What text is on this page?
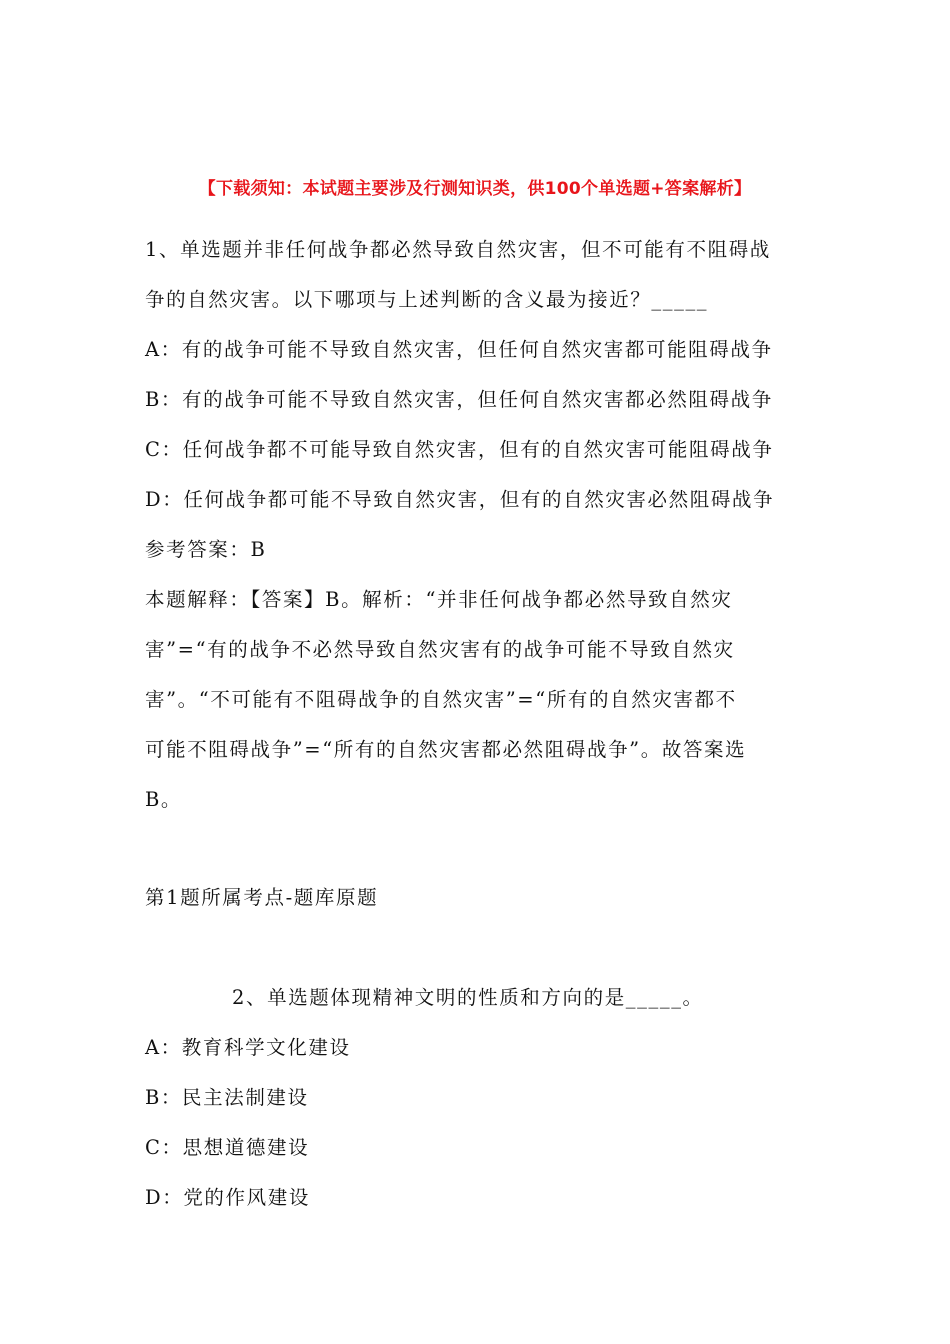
【下载须知：本试题主要涉及行测知识类，供100个单选题+答案解析】
1、单选题并非任何战争都必然导致自然灾害，但不可能有不阻碍战
争的自然灾害。以下哪项与上述判断的含义最为接近？_____
A：有的战争可能不导致自然灾害，但任何自然灾害都可能阻碍战争
B：有的战争可能不导致自然灾害，但任何自然灾害都必然阻碍战争
C：任何战争都不可能导致自然灾害，但有的自然灾害可能阻碍战争
D：任何战争都可能不导致自然灾害，但有的自然灾害必然阻碍战争
参考答案：B
本题解释：【答案】B。解析：“并非任何战争都必然导致自然灾
害”=“有的战争不必然导致自然灾害有的战争可能不导致自然灾
害”。“不可能有不阻碍战争的自然灾害”=“所有的自然灾害都不
可能不阻碍战争”=“所有的自然灾害都必然阻碍战争”。故答案选
B。
第1题所属考点-题库原题
2、单选题体现精神文明的性质和方向的是_____。
A：教育科学文化建设
B：民主法制建设
C：思想道德建设
D：党的作风建设
